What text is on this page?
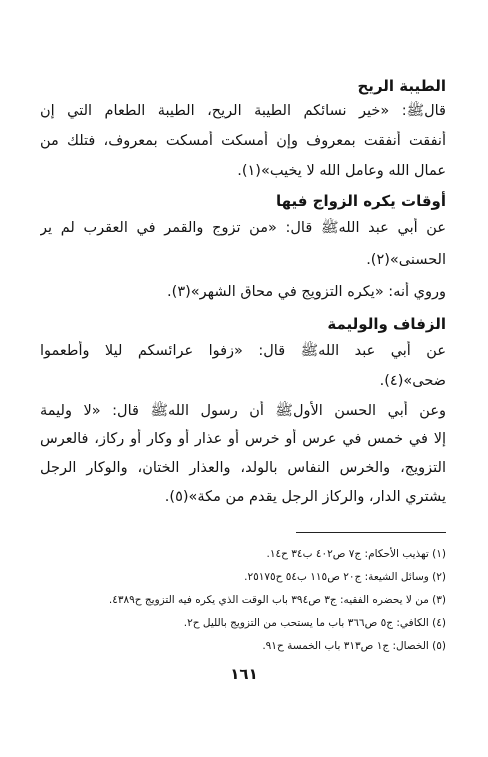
الطيبة الريح
قالﷺ: «خير نسائكم الطيبة الريح، الطيبة الطعام التي إن
أنفقت أنفقت بمعروف وإن أمسكت أمسكت بمعروف، فتلك من
عمال الله وعامل الله لا يخيب»(١).
أوقات يكره الزواج فيها
عن أبي عبد اللهﷺ قال: «من تزوج والقمر في العقرب لم ير
الحسنى»(٢).
وروي أنه: «يكره التزويج في محاق الشهر»(٣).
الزفاف والوليمة
عن أبي عبد اللهﷺ قال: «زفوا عرائسكم ليلا وأطعموا
ضحى»(٤).
وعن أبي الحسن الأولﷺ أن رسول اللهﷺ قال: «لا وليمة
إلا في خمس في عرس أو خرس أو عذار أو وكار أو ركاز، فالعرس
التزويج، والخرس النفاس بالولد، والعذار الختان، والوكار الرجل
يشتري الدار، والركاز الرجل يقدم من مكة»(٥).
(١) تهذيب الأحكام: ج٧ ص٤٠٢ ب٣٤ ح١٤.
(٢) وسائل الشيعة: ج٢٠ ص١١٥ ب٥٤ ح٢٥١٧٥.
(٣) من لا يحضره الفقيه: ج٣ ص٣٩٤ باب الوقت الذي يكره فيه التزويج ح٤٣٨٩.
(٤) الكافي: ج٥ ص٣٦٦ باب ما يستحب من التزويج بالليل ح٢.
(٥) الخصال: ج١ ص٣١٣ باب الخمسة ح٩١.
١٦١
